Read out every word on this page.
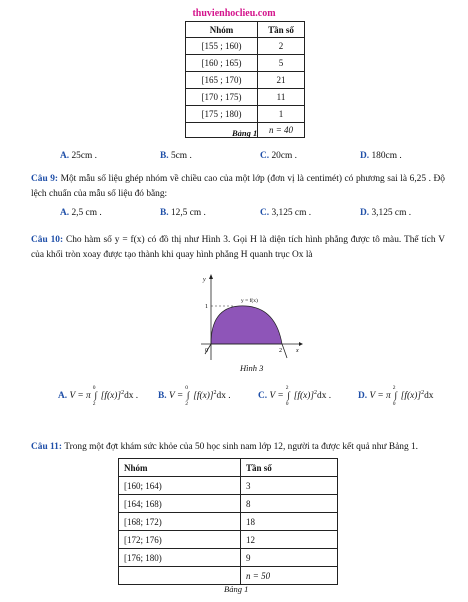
thuvienhoclieu.com
Nhóm	Tần số
[155 ; 160)	2
[160 ; 165)	5
[165 ; 170)	21
[170 ; 175)	11
[175 ; 180)	1
	n = 40
Bảng 1
A. 25cm .	B. 5cm .	C. 20cm .	D. 180cm .
Câu 9: Một mẫu số liệu ghép nhóm về chiều cao của một lớp (đơn vị là centimét) có phương sai là 6,25 . Độ lệch chuẩn của mẫu số liệu đó bằng:
A. 2,5 cm .	B. 12,5 cm .	C. 3,125 cm .	D. 3,125 cm .
Câu 10: Cho hàm số y = f(x) có đồ thị như Hình 3. Gọi H là diện tích hình phẳng được tô màu. Thể tích V của khối tròn xoay được tạo thành khi quay hình phẳng H quanh trục Ox là
y = f(x)
y
x
1
2
0
Hình 3
A. V = π ∫
0
2
$[f(x)]^2dx$ .	B. V = ∫
0
2
$[f(x)]^2dx$ .	C. V = ∫
2
0
$[f(x)]^2dx$ .	D. V = π ∫
2
0
$[f(x)]^2dx$
Câu 11: Trong một đợt khám sức khỏe của 50 học sinh nam lớp 12, người ta được kết quả như Bảng 1.
Nhóm	Tần số
[160; 164)	3
[164; 168)	8
[168; 172)	18
[172; 176)	12
[176; 180)	9
	n = 50
Bảng 1
